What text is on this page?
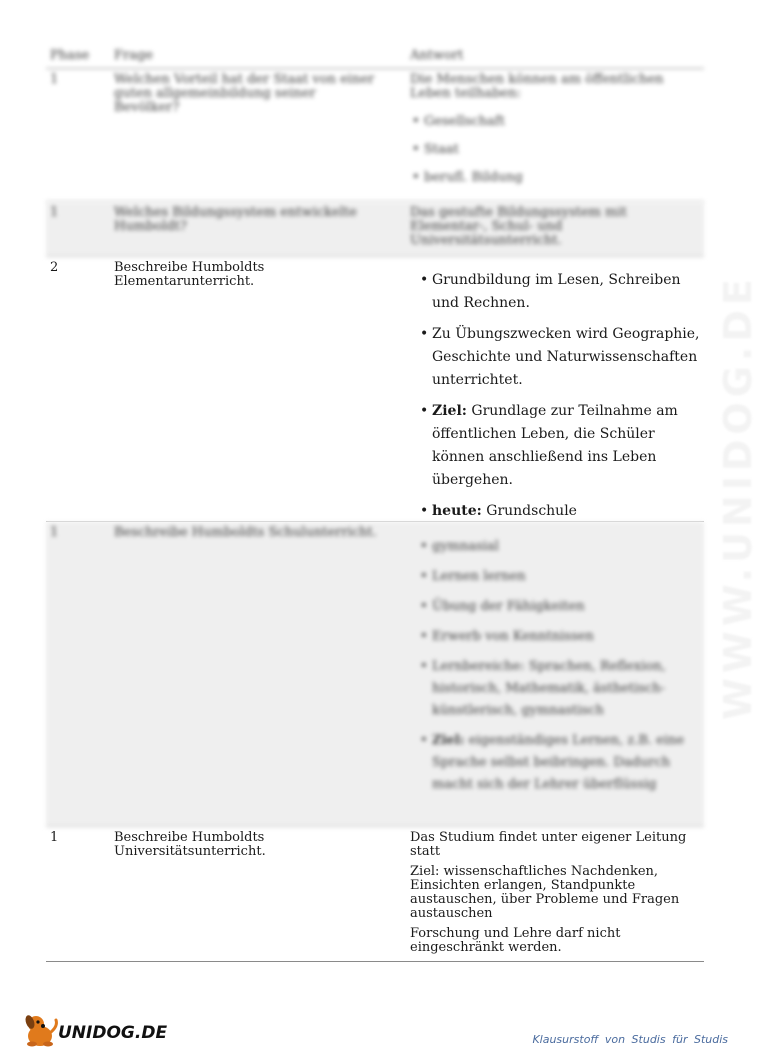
WWW.UNIDOG.DE
Phase Frage	Antwort
1	Welchen Vorteil hat der Staat von einer guten allgemeinbildung seiner Bevölker?
Die Menschen können am öffentlichen Leben teilhaben:
• Gesellschaft
• Staat
• berufl. Bildung
1	Welches Bildungssystem entwickelte Humboldt?
Das gestufte Bildungssystem mit Elementar-, Schul- und Universitätsunterricht.
2	Beschreibe Humboldts Elementarunterricht.
•	Grundbildung im Lesen, Schreiben und Rechnen.
• Zu Übungszwecken wird Geographie, Geschichte und Naturwissenschaften unterrichtet.
• Ziel: Grundlage zur Teilnahme am öffentlichen Leben, die Schüler können anschließend ins Leben übergehen.
• heute: Grundschule
1	Beschreibe Humboldts Schulunterricht.
• gymnasial
• Lernen lernen
• Übung der Fähigkeiten
• Erwerb von Kenntnissen
• Lernbereiche: Sprachen, Reflexion, historisch, Mathematik, ästhetisch-künstlerisch, gymnastisch
• Ziel: eigenständiges Lernen, z.B. eine Sprache selbst beibringen. Dadurch macht sich der Lehrer überflüssig
1	Beschreibe Humboldts Universitätsunterricht.

Das Studium findet unter eigener Leitung statt

Ziel: wissenschaftliches Nachdenken, Einsichten erlangen, Standpunkte austauschen, über Probleme und Fragen austauschen

Forschung und Lehre darf nicht eingeschränkt werden.

UNIDOG.DE	Klausurstoff von Studis für Studis
